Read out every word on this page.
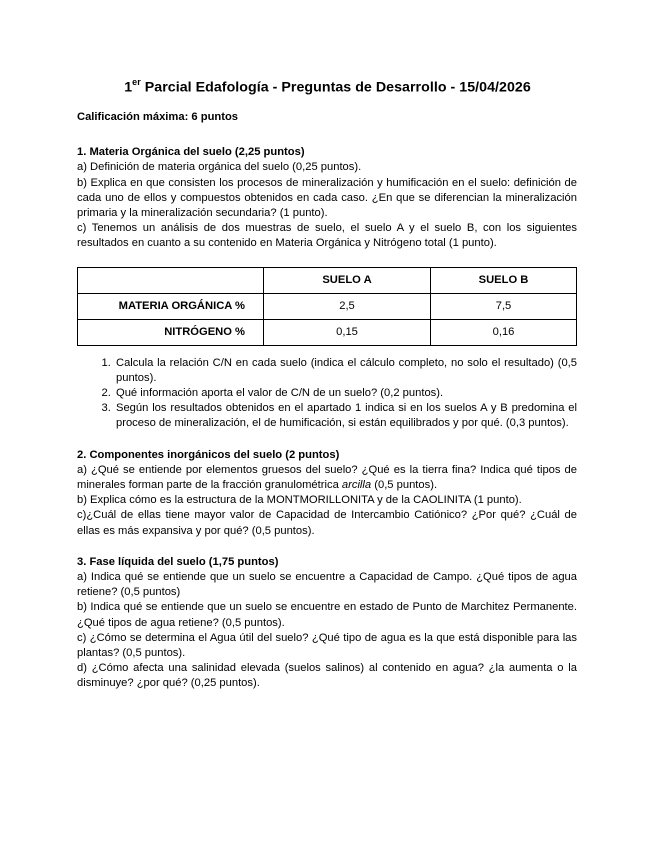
1er Parcial Edafología - Preguntas de Desarrollo - 15/04/2026

Calificación máxima: 6 puntos

1. Materia Orgánica del suelo (2,25 puntos)

a) Definición de materia orgánica del suelo (0,25 puntos).

b) Explica en que consisten los procesos de mineralización y humificación en el suelo: definición de cada uno de ellos y compuestos obtenidos en cada caso. ¿En que se diferencian la mineralización primaria y la mineralización secundaria? (1 punto).

c) Tenemos un análisis de dos muestras de suelo, el suelo A y el suelo B, con los siguientes resultados en cuanto a su contenido en Materia Orgánica y Nitrógeno total (1 punto).

	SUELO A	SUELO B
MATERIA ORGÁNICA %	2,5	7,5
NITRÓGENO %	0,15	0,16
1. Calcula la relación C/N en cada suelo (indica el cálculo completo, no solo el resultado) (0,5 puntos).
2. Qué información aporta el valor de C/N de un suelo? (0,2 puntos).
3. Según los resultados obtenidos en el apartado 1 indica si en los suelos A y B predomina el proceso de mineralización, el de humificación, si están equilibrados y por qué. (0,3 puntos).

2. Componentes inorgánicos del suelo (2 puntos)

a) ¿Qué se entiende por elementos gruesos del suelo? ¿Qué es la tierra fina? Indica qué tipos de minerales forman parte de la fracción granulométrica arcilla (0,5 puntos).

b) Explica cómo es la estructura de la MONTMORILLONITA y de la CAOLINITA (1 punto).

c)¿Cuál de ellas tiene mayor valor de Capacidad de Intercambio Catiónico? ¿Por qué? ¿Cuál de ellas es más expansiva y por qué? (0,5 puntos).

3. Fase líquida del suelo (1,75 puntos)

a) Indica qué se entiende que un suelo se encuentre a Capacidad de Campo. ¿Qué tipos de agua retiene? (0,5 puntos)

b) Indica qué se entiende que un suelo se encuentre en estado de Punto de Marchitez Permanente. ¿Qué tipos de agua retiene? (0,5 puntos).

c) ¿Cómo se determina el Agua útil del suelo? ¿Qué tipo de agua es la que está disponible para las plantas? (0,5 puntos).

d) ¿Cómo afecta una salinidad elevada (suelos salinos) al contenido en agua? ¿la aumenta o la disminuye? ¿por qué? (0,25 puntos).
